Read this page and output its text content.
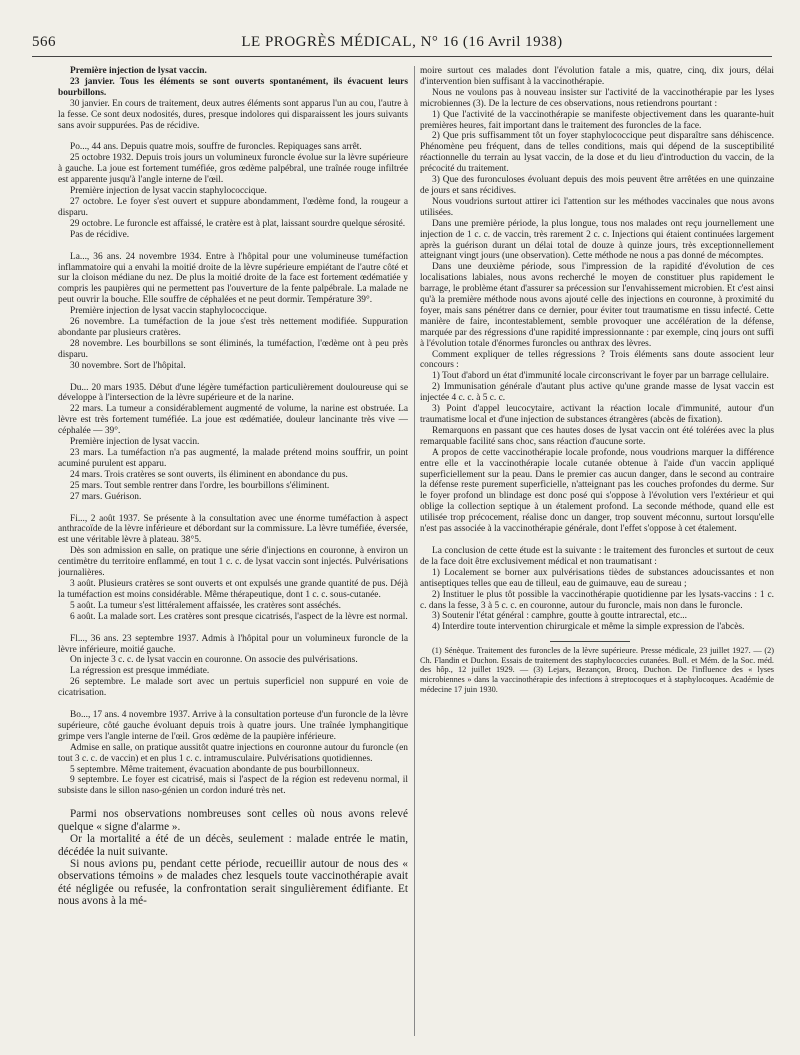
566	LE PROGRÈS MÉDICAL, N° 16 (16 Avril 1938)

Première injection de lysat vaccin.

23 janvier. Tous les éléments se sont ouverts spontanément, ils évacuent leurs bourbillons.

30 janvier. En cours de traitement, deux autres éléments sont apparus l'un au cou, l'autre à la fesse. Ce sont deux nodosités, dures, presque indolores qui disparaissent les jours suivants sans avoir suppurées. Pas de récidive.

Po..., 44 ans. Depuis quatre mois, souffre de furoncles. Repiquages sans arrêt.

25 octobre 1932. Depuis trois jours un volumineux furoncle évolue sur la lèvre supérieure à gauche. La joue est fortement tuméfiée, gros œdème palpébral, une traînée rouge infiltrée est apparente jusqu'à l'angle interne de l'œil.

Première injection de lysat vaccin staphylococcique.

27 octobre. Le foyer s'est ouvert et suppure abondamment, l'œdème fond, la rougeur a disparu.

29 octobre. Le furoncle est affaissé, le cratère est à plat, laissant sourdre quelque sérosité.

Pas de récidive.

La..., 36 ans. 24 novembre 1934. Entre à l'hôpital pour une volumineuse tuméfaction inflammatoire qui a envahi la moitié droite de la lèvre supérieure empiétant de l'autre côté et sur la cloison médiane du nez. De plus la moitié droite de la face est fortement œdématiée y compris les paupières qui ne permettent pas l'ouverture de la fente palpébrale. La malade ne peut ouvrir la bouche. Elle souffre de céphalées et ne peut dormir. Température 39°.

Première injection de lysat vaccin staphylococcique.

26 novembre. La tuméfaction de la joue s'est très nettement modifiée. Suppuration abondante par plusieurs cratères.

28 novembre. Les bourbillons se sont éliminés, la tuméfaction, l'œdème ont à peu près disparu.

30 novembre. Sort de l'hôpital.

Du... 20 mars 1935. Début d'une légère tuméfaction particulièrement douloureuse qui se développe à l'intersection de la lèvre supérieure et de la narine.

22 mars. La tumeur a considérablement augmenté de volume, la narine est obstruée. La lèvre est très fortement tuméfiée. La joue est œdématiée, douleur lancinante très vive — céphalée — 39°.

Première injection de lysat vaccin.

23 mars. La tuméfaction n'a pas augmenté, la malade prétend moins souffrir, un point acuminé purulent est apparu.

24 mars. Trois cratères se sont ouverts, ils éliminent en abondance du pus.

25 mars. Tout semble rentrer dans l'ordre, les bourbillons s'éliminent.

27 mars. Guérison.

Fi..., 2 août 1937. Se présente à la consultation avec une énorme tuméfaction à aspect anthracoïde de la lèvre inférieure et débordant sur la commissure. La lèvre tuméfiée, éversée, est une véritable lèvre à plateau. 38°5.

Dès son admission en salle, on pratique une série d'injections en couronne, à environ un centimètre du territoire enflammé, en tout 1 c. c. de lysat vaccin sont injectés. Pulvérisations journalières.

3 août. Plusieurs cratères se sont ouverts et ont expulsés une grande quantité de pus. Déjà la tuméfaction est moins considérable. Même thérapeutique, dont 1 c. c. sous-cutanée.

5 août. La tumeur s'est littéralement affaissée, les cratères sont asséchés.

6 août. La malade sort. Les cratères sont presque cicatrisés, l'aspect de la lèvre est normal.

Fl..., 36 ans. 23 septembre 1937. Admis à l'hôpital pour un volumineux furoncle de la lèvre inférieure, moitié gauche.

On injecte 3 c. c. de lysat vaccin en couronne. On associe des pulvérisations.

La régression est presque immédiate.

26 septembre. Le malade sort avec un pertuis superficiel non suppuré en voie de cicatrisation.

Bo..., 17 ans. 4 novembre 1937. Arrive à la consultation porteuse d'un furoncle de la lèvre supérieure, côté gauche évoluant depuis trois à quatre jours. Une traînée lymphangitique grimpe vers l'angle interne de l'œil. Gros œdème de la paupière inférieure.

Admise en salle, on pratique aussitôt quatre injections en couronne autour du furoncle (en tout 3 c. c. de vaccin) et en plus 1 c. c. intramusculaire. Pulvérisations quotidiennes.

5 septembre. Même traitement, évacuation abondante de pus bourbillonneux.

9 septembre. Le foyer est cicatrisé, mais si l'aspect de la région est redevenu normal, il subsiste dans le sillon naso-génien un cordon induré très net.

Parmi nos observations nombreuses sont celles où nous avons relevé quelque « signe d'alarme ».

Or la mortalité a été de un décès, seulement : malade entrée le matin, décédée la nuit suivante.

Si nous avions pu, pendant cette période, recueillir autour de nous des « observations témoins » de malades chez lesquels toute vaccinothérapie avait été négligée ou refusée, la confrontation serait singulièrement édifiante. Et nous avons à la mé-

moire surtout ces malades dont l'évolution fatale a mis, quatre, cinq, dix jours, délai d'intervention bien suffisant à la vaccinothérapie.

Nous ne voulons pas à nouveau insister sur l'activité de la vaccinothérapie par les lyses microbiennes (3). De la lecture de ces observations, nous retiendrons pourtant :

1) Que l'activité de la vaccinothérapie se manifeste objectivement dans les quarante-huit premières heures, fait important dans le traitement des furoncles de la face.

2) Que pris suffisamment tôt un foyer staphylococcique peut disparaître sans déhiscence. Phénomène peu fréquent, dans de telles conditions, mais qui dépend de la susceptibilité réactionnelle du terrain au lysat vaccin, de la dose et du lieu d'introduction du vaccin, de la précocité du traitement.

3) Que des furonculoses évoluant depuis des mois peuvent être arrêtées en une quinzaine de jours et sans récidives.

Nous voudrions surtout attirer ici l'attention sur les méthodes vaccinales que nous avons utilisées.

Dans une première période, la plus longue, tous nos malades ont reçu journellement une injection de 1 c. c. de vaccin, très rarement 2 c. c. Injections qui étaient continuées largement après la guérison durant un délai total de douze à quinze jours, très exceptionnellement atteignant vingt jours (une observation). Cette méthode ne nous a pas donné de mécomptes.

Dans une deuxième période, sous l'impression de la rapidité d'évolution de ces localisations labiales, nous avons recherché le moyen de constituer plus rapidement le barrage, le problème étant d'assurer sa précession sur l'envahissement microbien. Et c'est ainsi qu'à la première méthode nous avons ajouté celle des injections en couronne, à proximité du foyer, mais sans pénétrer dans ce dernier, pour éviter tout traumatisme en tissu infecté. Cette manière de faire, incontestablement, semble provoquer une accélération de la défense, marquée par des régressions d'une rapidité impressionnante : par exemple, cinq jours ont suffi à l'évolution totale d'énormes furoncles ou anthrax des lèvres.

Comment expliquer de telles régressions ? Trois éléments sans doute associent leur concours :

1) Tout d'abord un état d'immunité locale circonscrivant le foyer par un barrage cellulaire.

2) Immunisation générale d'autant plus active qu'une grande masse de lysat vaccin est injectée 4 c. c. à 5 c. c.

3) Point d'appel leucocytaire, activant la réaction locale d'immunité, autour d'un traumatisme local et d'une injection de substances étrangères (abcès de fixation).

Remarquons en passant que ces hautes doses de lysat vaccin ont été tolérées avec la plus remarquable facilité sans choc, sans réaction d'aucune sorte.

A propos de cette vaccinothérapie locale profonde, nous voudrions marquer la différence entre elle et la vaccinothérapie locale cutanée obtenue à l'aide d'un vaccin appliqué superficiellement sur la peau. Dans le premier cas aucun danger, dans le second au contraire la défense reste purement superficielle, n'atteignant pas les couches profondes du derme. Sur le foyer profond un blindage est donc posé qui s'oppose à l'évolution vers l'extérieur et qui oblige la collection septique à un étalement profond. La seconde méthode, quand elle est utilisée trop précocement, réalise donc un danger, trop souvent méconnu, surtout lorsqu'elle n'est pas associée à la vaccinothérapie générale, dont l'effet s'oppose à cet étalement.

La conclusion de cette étude est la suivante : le traitement des furoncles et surtout de ceux de la face doit être exclusivement médical et non traumatisant :

1) Localement se borner aux pulvérisations tièdes de substances adoucissantes et non antiseptiques telles que eau de tilleul, eau de guimauve, eau de sureau ;

2) Instituer le plus tôt possible la vaccinothérapie quotidienne par les lysats-vaccins : 1 c. c. dans la fesse, 3 à 5 c. c. en couronne, autour du furoncle, mais non dans le furoncle.

3) Soutenir l'état général : camphre, goutte à goutte intrarectal, etc...

4) Interdire toute intervention chirurgicale et même la simple expression de l'abcès.

(1) Sénèque. Traitement des furoncles de la lèvre supérieure. Presse médicale, 23 juillet 1927. — (2) Ch. Flandin et Duchon. Essais de traitement des staphylococcies cutanées. Bull. et Mém. de la Soc. méd. des hôp., 12 juillet 1929. — (3) Lejars, Bezançon, Brocq, Duchon. De l'influence des « lyses microbiennes » dans la vaccinothérapie des infections à streptocoques et à staphylocoques. Académie de médecine 17 juin 1930.
